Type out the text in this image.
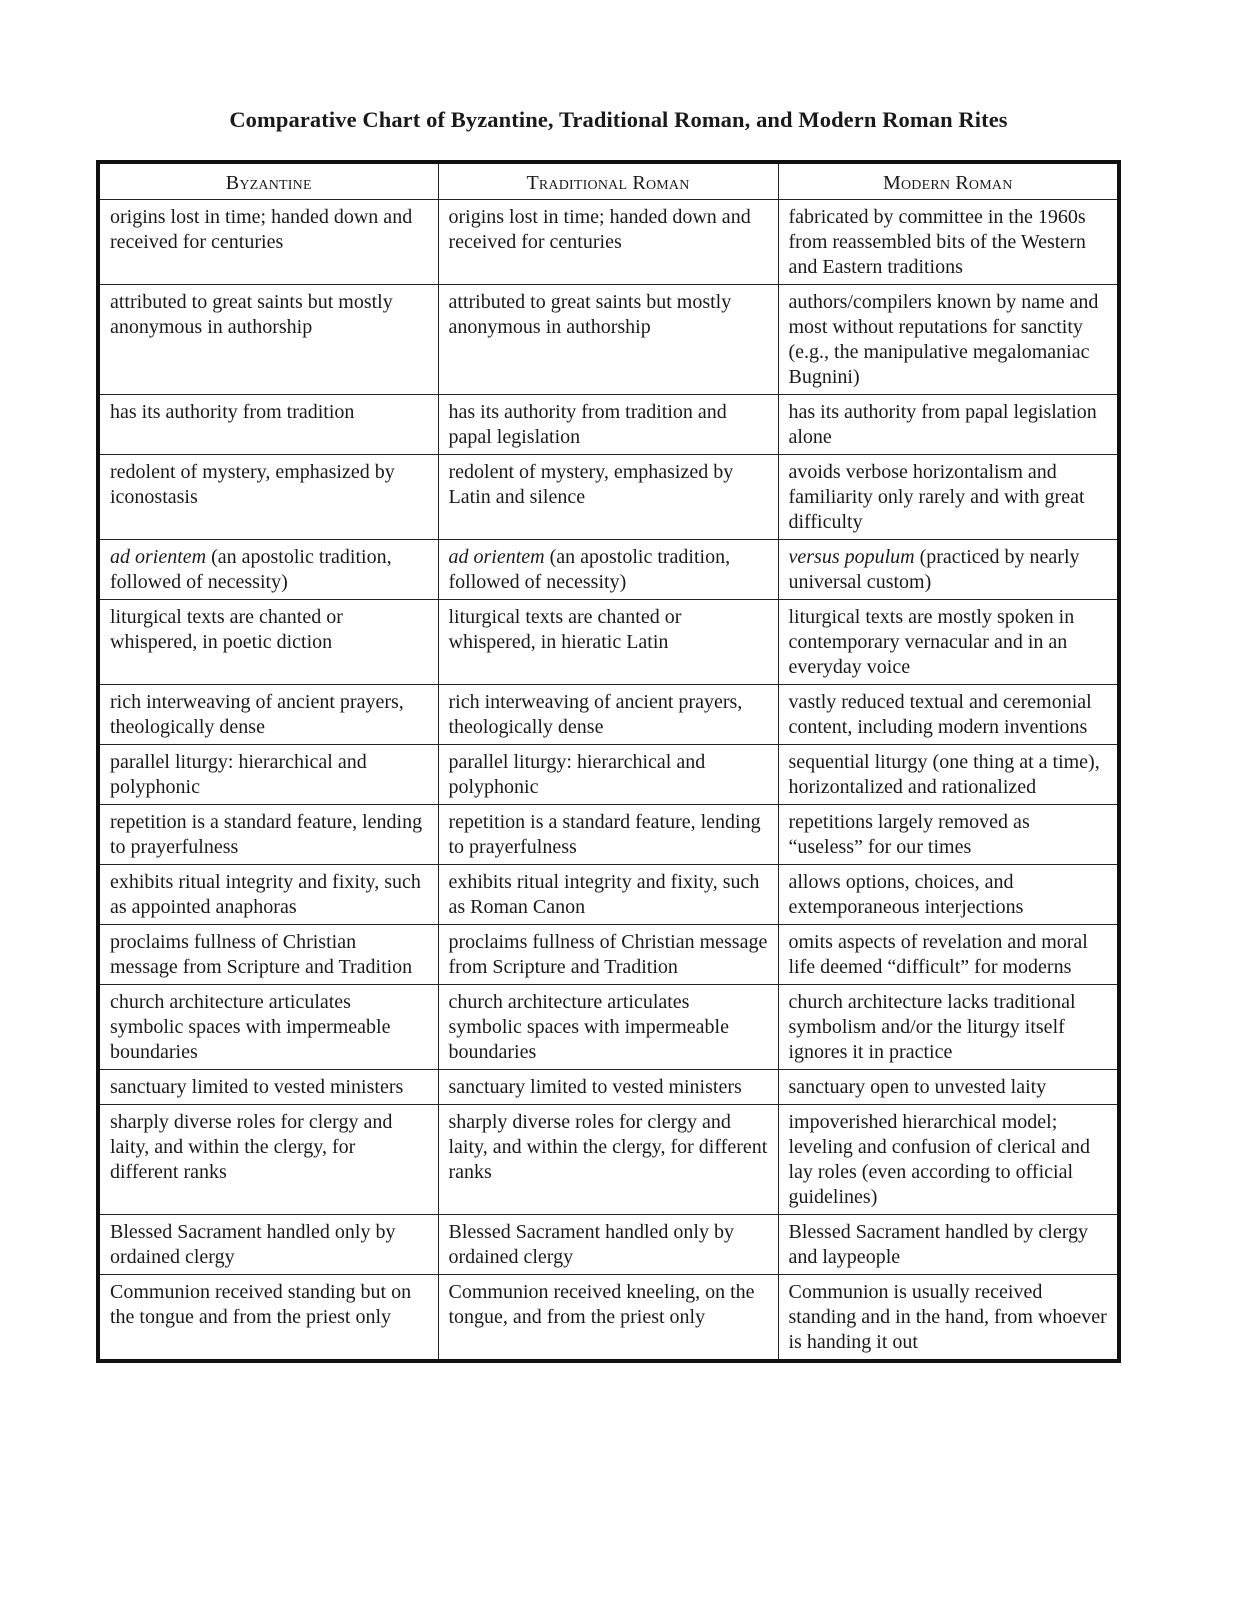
Comparative Chart of Byzantine, Traditional Roman, and Modern Roman Rites
Byzantine	Traditional Roman	Modern Roman
origins lost in time; handed down and received for centuries	origins lost in time; handed down and received for centuries	fabricated by committee in the 1960s from reassembled bits of the Western and Eastern traditions
attributed to great saints but mostly anonymous in authorship	attributed to great saints but mostly anonymous in authorship	authors/compilers known by name and most without reputations for sanctity (e.g., the manipulative megalomaniac Bugnini)
has its authority from tradition	has its authority from tradition and papal legislation	has its authority from papal legislation alone
redolent of mystery, emphasized by iconostasis	redolent of mystery, emphasized by Latin and silence	avoids verbose horizontalism and familiarity only rarely and with great difficulty
ad orientem (an apostolic tradition, followed of necessity)	ad orientem (an apostolic tradition, followed of necessity)	versus populum (practiced by nearly universal custom)
liturgical texts are chanted or whispered, in poetic diction	liturgical texts are chanted or whispered, in hieratic Latin	liturgical texts are mostly spoken in contemporary vernacular and in an everyday voice
rich interweaving of ancient prayers, theologically dense	rich interweaving of ancient prayers, theologically dense	vastly reduced textual and ceremonial content, including modern inventions
parallel liturgy: hierarchical and polyphonic	parallel liturgy: hierarchical and polyphonic	sequential liturgy (one thing at a time), horizontalized and rationalized
repetition is a standard feature, lending to prayerfulness	repetition is a standard feature, lending to prayerfulness	repetitions largely removed as “useless” for our times
exhibits ritual integrity and fixity, such as appointed anaphoras	exhibits ritual integrity and fixity, such as Roman Canon	allows options, choices, and extemporaneous interjections
proclaims fullness of Christian message from Scripture and Tradition	proclaims fullness of Christian message from Scripture and Tradition	omits aspects of revelation and moral life deemed “difficult” for moderns
church architecture articulates symbolic spaces with impermeable boundaries	church architecture articulates symbolic spaces with impermeable boundaries	church architecture lacks traditional symbolism and/or the liturgy itself ignores it in practice
sanctuary limited to vested ministers	sanctuary limited to vested ministers	sanctuary open to unvested laity
sharply diverse roles for clergy and laity, and within the clergy, for different ranks	sharply diverse roles for clergy and laity, and within the clergy, for different ranks	impoverished hierarchical model; leveling and confusion of clerical and lay roles (even according to official guidelines)
Blessed Sacrament handled only by ordained clergy	Blessed Sacrament handled only by ordained clergy	Blessed Sacrament handled by clergy and laypeople
Communion received standing but on the tongue and from the priest only	Communion received kneeling, on the tongue, and from the priest only	Communion is usually received standing and in the hand, from whoever is handing it out
